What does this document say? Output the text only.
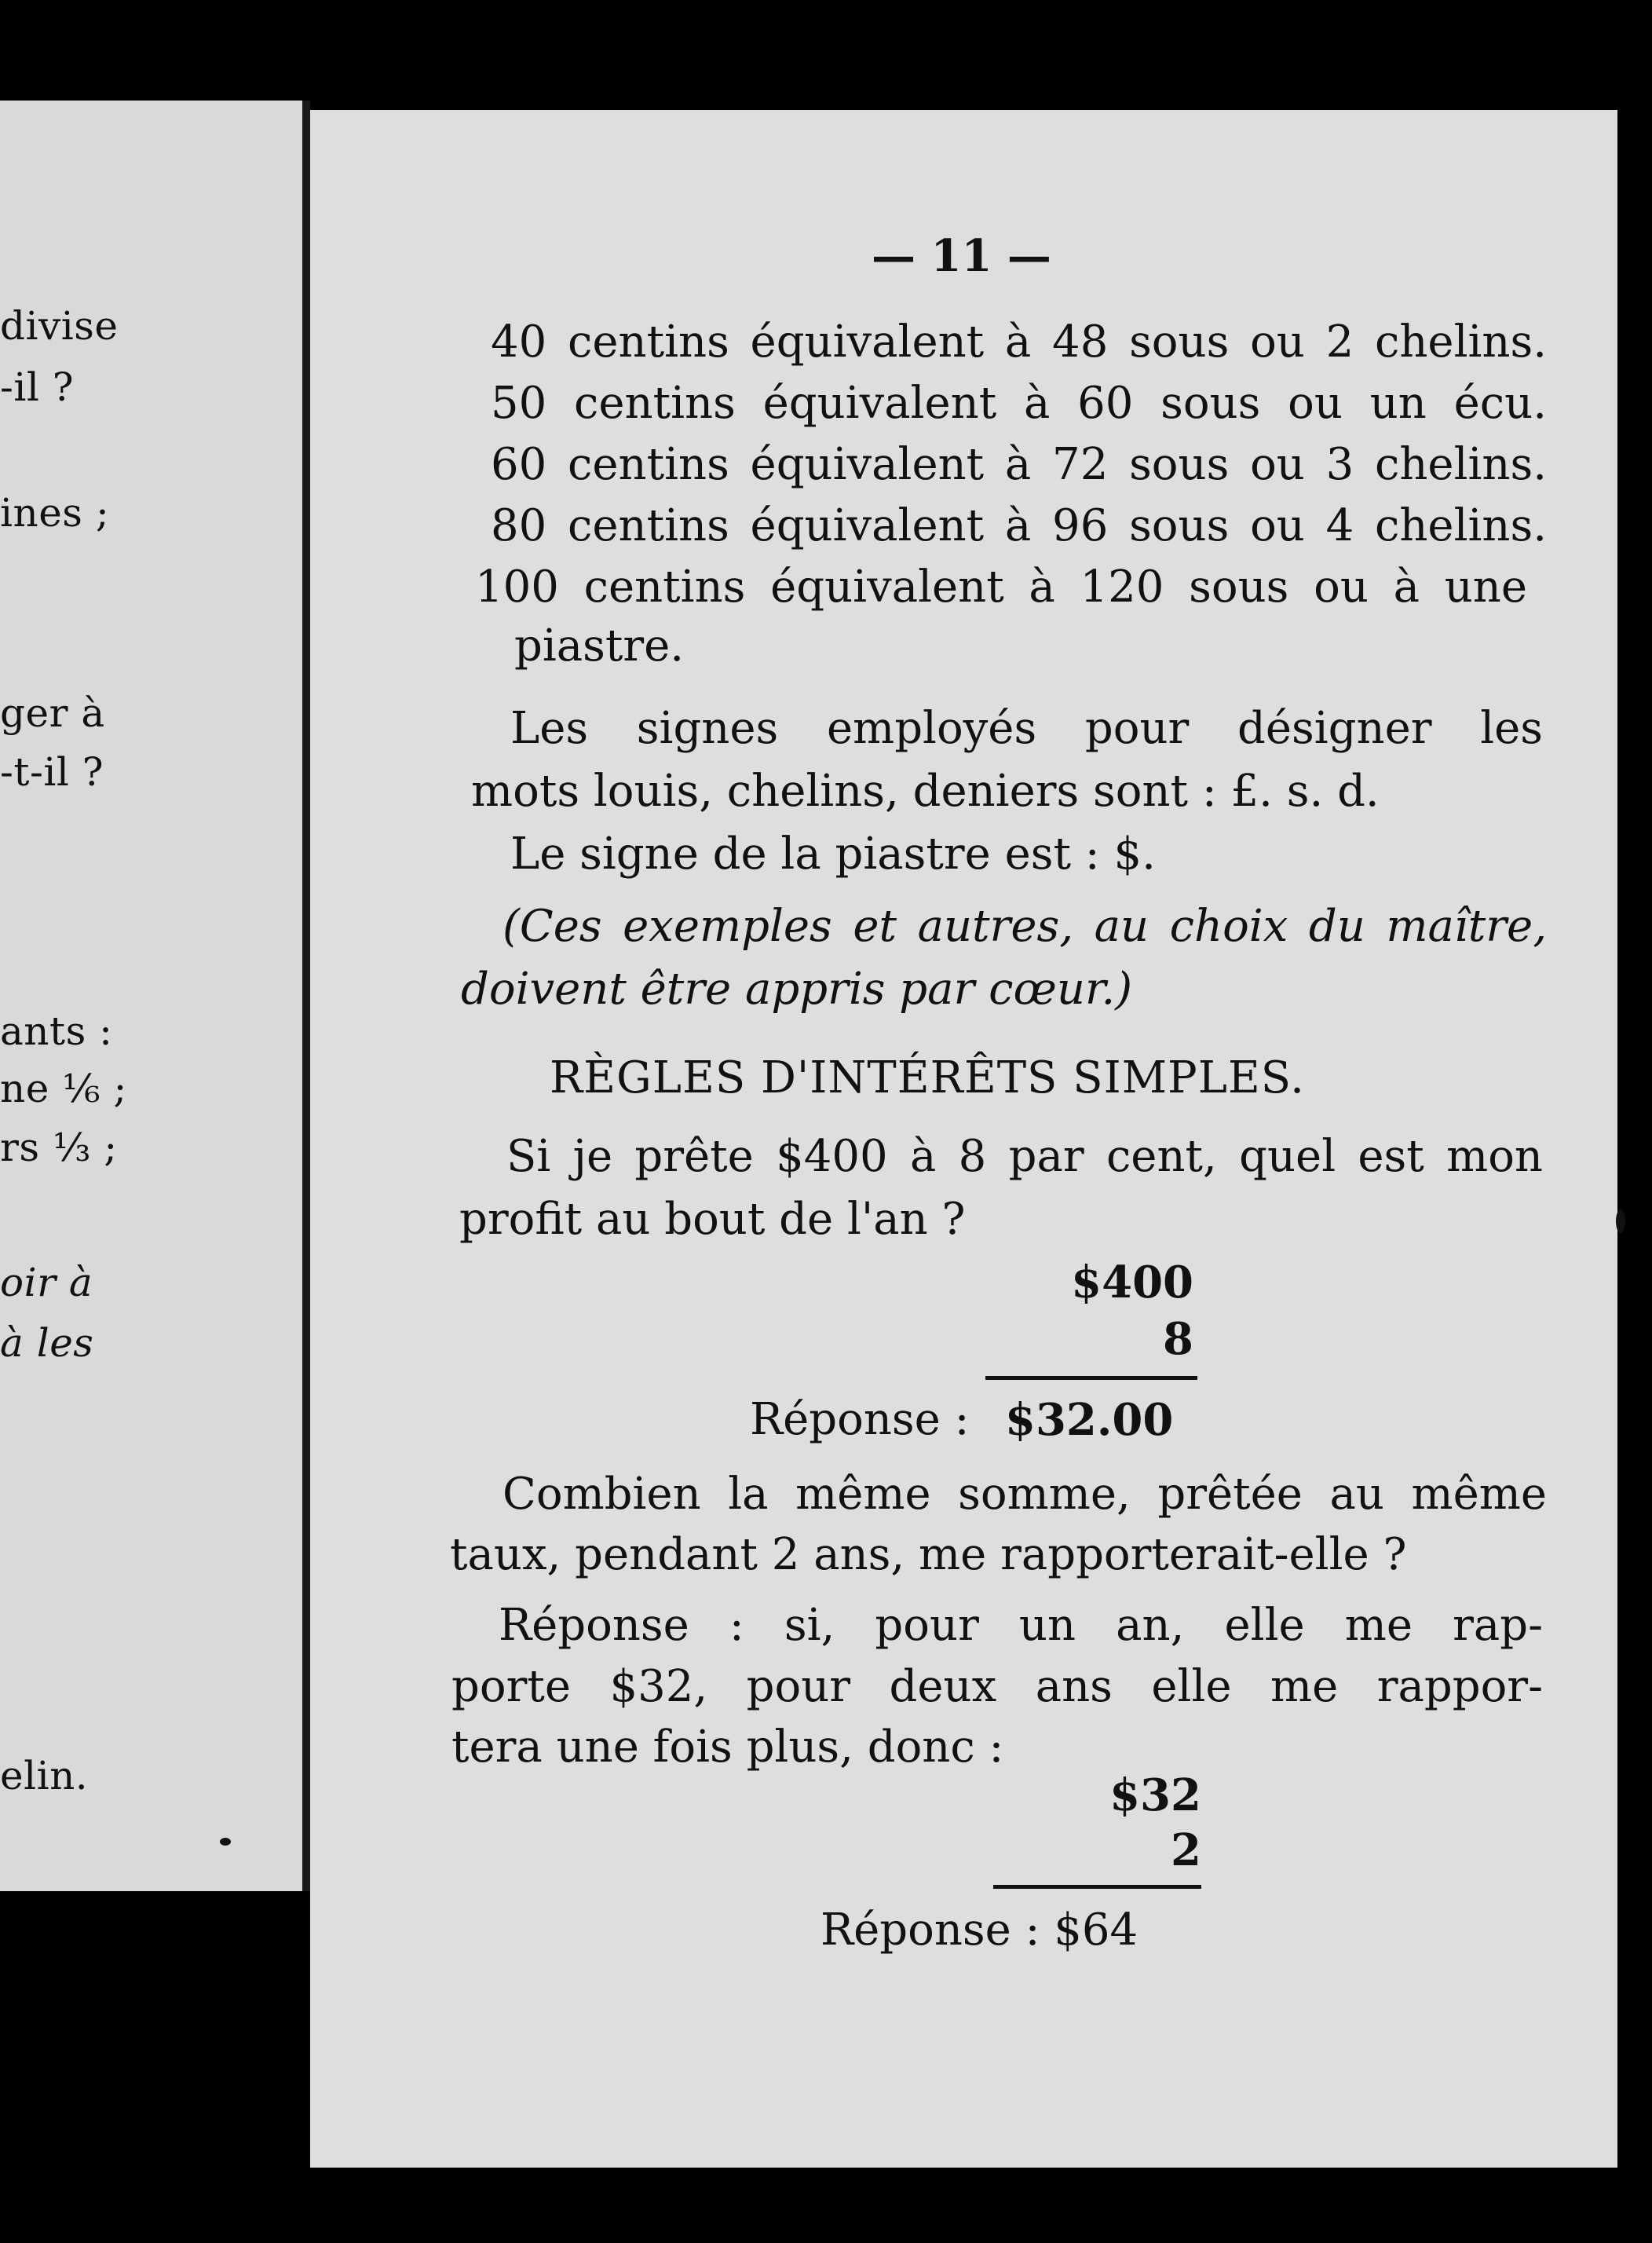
divise
-il ?
ines ;
ger à
-t-il ?
ants :
ne ⅙ ;
rs ⅓ ;
oir à
à les
elin.
— 11 —
40 centins équivalent à 48 sous ou 2 chelins.
50 centins équivalent à 60 sous ou un écu.
60 centins équivalent à 72 sous ou 3 chelins.
80 centins équivalent à 96 sous ou 4 chelins.
100 centins équivalent à 120 sous ou à une
piastre.
Les signes employés pour désigner les
mots louis, chelins, deniers sont : £. s. d.
Le signe de la piastre est : $.
(Ces exemples et autres, au choix du maître,
doivent être appris par cœur.)
RÈGLES D'INTÉRÊTS SIMPLES.
Si je prête $400 à 8 par cent, quel est mon
profit au bout de l'an ?
$400
8
Réponse : $32.00
Combien la même somme, prêtée au même
taux, pendant 2 ans, me rapporterait-elle ?
Réponse : si, pour un an, elle me rap-
porte $32, pour deux ans elle me rappor-
tera une fois plus, donc :
$32
2
Réponse : $64
